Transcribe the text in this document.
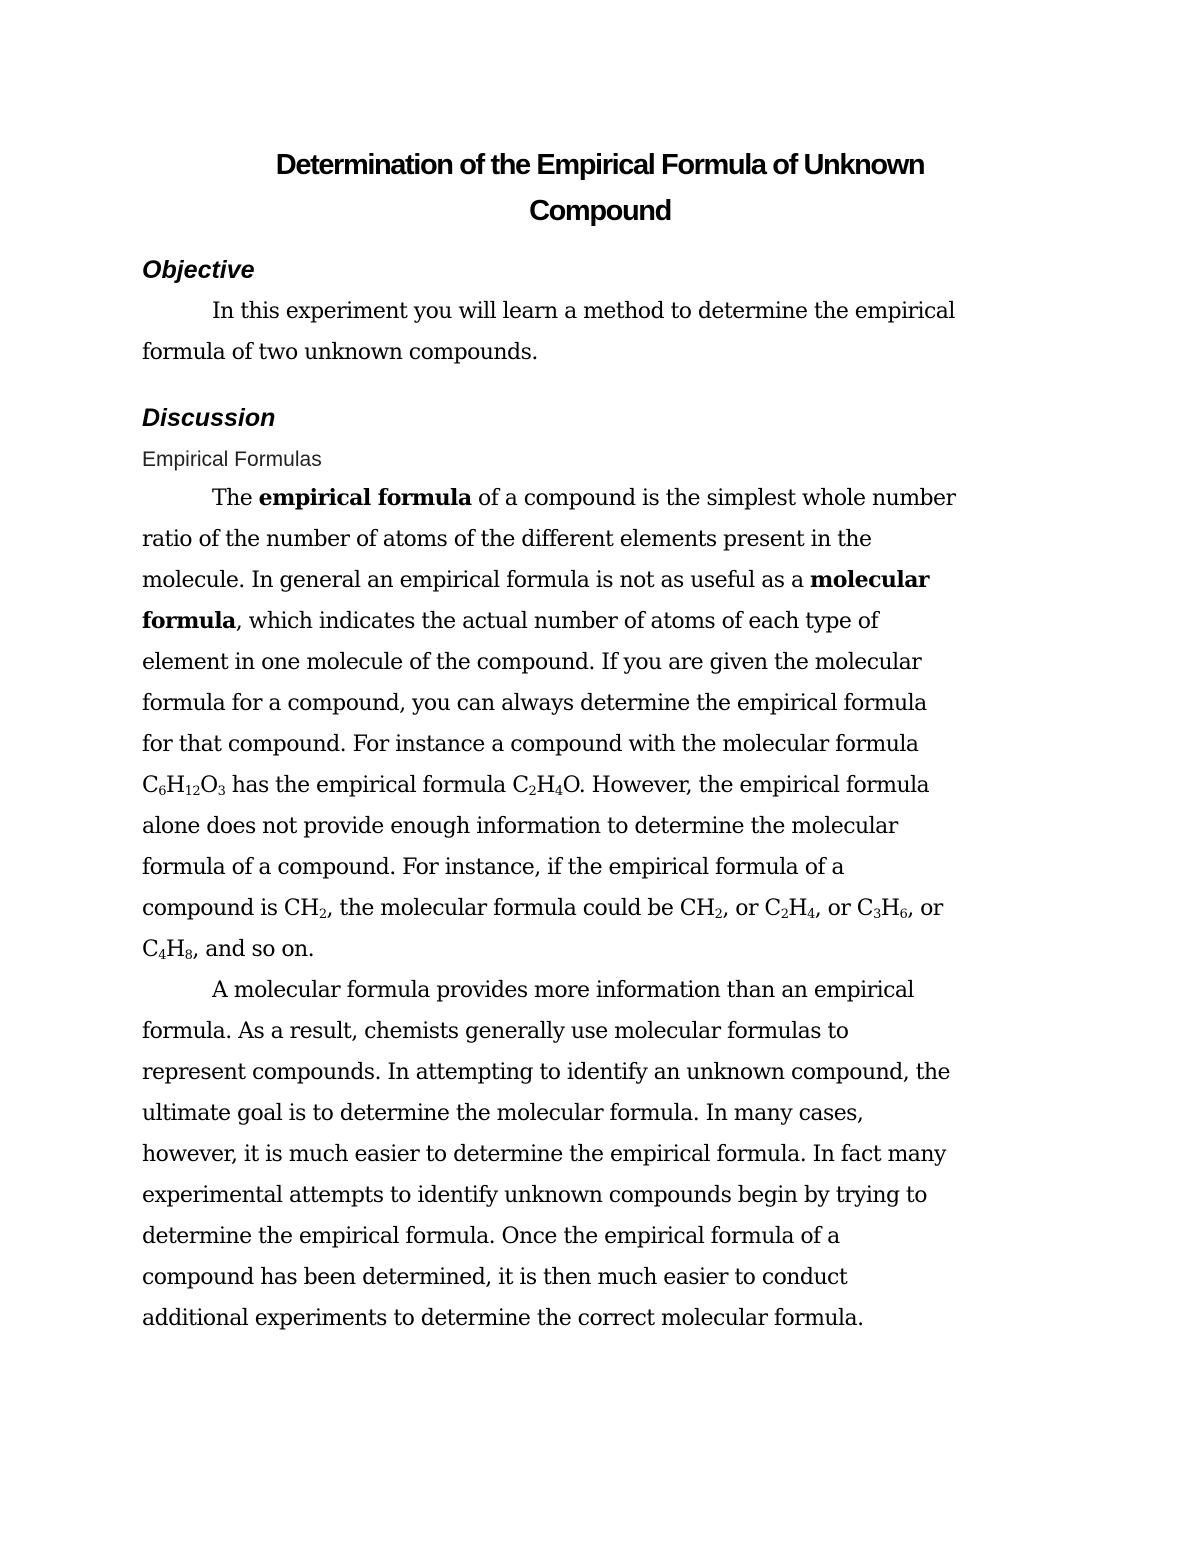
Determination of the Empirical Formula of Unknown
Compound
Objective
In this experiment you will learn a method to determine the empirical
formula of two unknown compounds.
Discussion
Empirical Formulas
The empirical formula of a compound is the simplest whole number
ratio of the number of atoms of the different elements present in the
molecule. In general an empirical formula is not as useful as a molecular
formula, which indicates the actual number of atoms of each type of
element in one molecule of the compound. If you are given the molecular
formula for a compound, you can always determine the empirical formula
for that compound. For instance a compound with the molecular formula
$C_6H_{12}O_3$ has the empirical formula $C_2H_4O$. However, the empirical formula
alone does not provide enough information to determine the molecular
formula of a compound. For instance, if the empirical formula of a
compound is $CH_2$, the molecular formula could be $CH_2$, or $C_2H_4$, or $C_3H_6$, or
$C_4H_8$, and so on.
A molecular formula provides more information than an empirical
formula. As a result, chemists generally use molecular formulas to
represent compounds. In attempting to identify an unknown compound, the
ultimate goal is to determine the molecular formula. In many cases,
however, it is much easier to determine the empirical formula. In fact many
experimental attempts to identify unknown compounds begin by trying to
determine the empirical formula. Once the empirical formula of a
compound has been determined, it is then much easier to conduct
additional experiments to determine the correct molecular formula.
